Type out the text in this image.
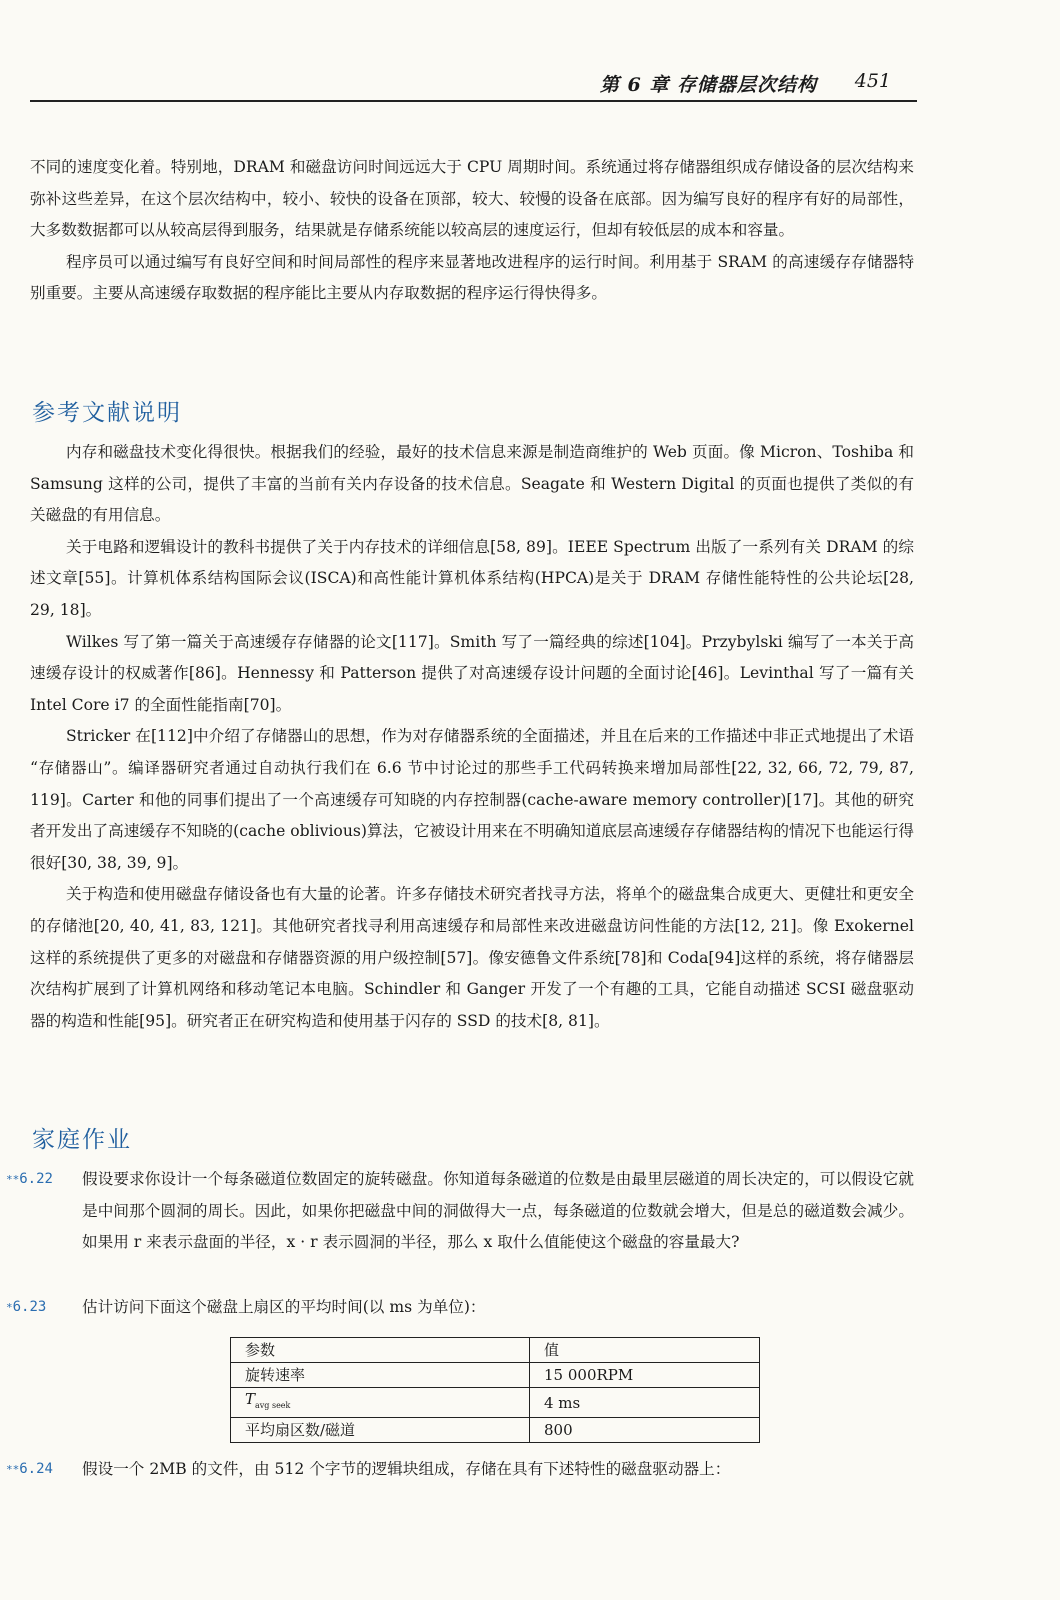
第 6 章 存储器层次结构 451

不同的速度变化着。特别地，DRAM 和磁盘访问时间远远大于 CPU 周期时间。系统通过将存储器组织成存储设备的层次结构来弥补这些差异，在这个层次结构中，较小、较快的设备在顶部，较大、较慢的设备在底部。因为编写良好的程序有好的局部性，大多数数据都可以从较高层得到服务，结果就是存储系统能以较高层的速度运行，但却有较低层的成本和容量。

程序员可以通过编写有良好空间和时间局部性的程序来显著地改进程序的运行时间。利用基于 SRAM 的高速缓存存储器特别重要。主要从高速缓存取数据的程序能比主要从内存取数据的程序运行得快得多。

参考文献说明

内存和磁盘技术变化得很快。根据我们的经验，最好的技术信息来源是制造商维护的 Web 页面。像 Micron、Toshiba 和 Samsung 这样的公司，提供了丰富的当前有关内存设备的技术信息。Seagate 和 Western Digital 的页面也提供了类似的有关磁盘的有用信息。

关于电路和逻辑设计的教科书提供了关于内存技术的详细信息[58, 89]。IEEE Spectrum 出版了一系列有关 DRAM 的综述文章[55]。计算机体系结构国际会议(ISCA)和高性能计算机体系结构(HPCA)是关于 DRAM 存储性能特性的公共论坛[28, 29, 18]。

Wilkes 写了第一篇关于高速缓存存储器的论文[117]。Smith 写了一篇经典的综述[104]。Przybylski 编写了一本关于高速缓存设计的权威著作[86]。Hennessy 和 Patterson 提供了对高速缓存设计问题的全面讨论[46]。Levinthal 写了一篇有关 Intel Core i7 的全面性能指南[70]。

Stricker 在[112]中介绍了存储器山的思想，作为对存储器系统的全面描述，并且在后来的工作描述中非正式地提出了术语 “存储器山”。编译器研究者通过自动执行我们在 6.6 节中讨论过的那些手工代码转换来增加局部性[22, 32, 66, 72, 79, 87, 119]。Carter 和他的同事们提出了一个高速缓存可知晓的内存控制器(cache-aware memory controller)[17]。其他的研究者开发出了高速缓存不知晓的(cache oblivious)算法，它被设计用来在不明确知道底层高速缓存存储器结构的情况下也能运行得很好[30, 38, 39, 9]。

关于构造和使用磁盘存储设备也有大量的论著。许多存储技术研究者找寻方法，将单个的磁盘集合成更大、更健壮和更安全的存储池[20, 40, 41, 83, 121]。其他研究者找寻利用高速缓存和局部性来改进磁盘访问性能的方法[12, 21]。像 Exokernel 这样的系统提供了更多的对磁盘和存储器资源的用户级控制[57]。像安德鲁文件系统[78]和 Coda[94]这样的系统，将存储器层次结构扩展到了计算机网络和移动笔记本电脑。Schindler 和 Ganger 开发了一个有趣的工具，它能自动描述 SCSI 磁盘驱动器的构造和性能[95]。研究者正在研究构造和使用基于闪存的 SSD 的技术[8, 81]。

家庭作业
**6.22	假设要求你设计一个每条磁道位数固定的旋转磁盘。你知道每条磁道的位数是由最里层磁道的周长决定的，可以假设它就是中间那个圆洞的周长。因此，如果你把磁盘中间的洞做得大一点，每条磁道的位数就会增大，但是总的磁道数会减少。如果用 r 来表示盘面的半径，x · r 表示圆洞的半径，那么 x 取什么值能使这个磁盘的容量最大?
*6.23	估计访问下面这个磁盘上扇区的平均时间(以 ms 为单位)：
参数	值
旋转速率	15 000RPM
$T_{avg seek}$	4 ms
平均扇区数/磁道	800
**6.24	假设一个 2MB 的文件，由 512 个字节的逻辑块组成，存储在具有下述特性的磁盘驱动器上：
